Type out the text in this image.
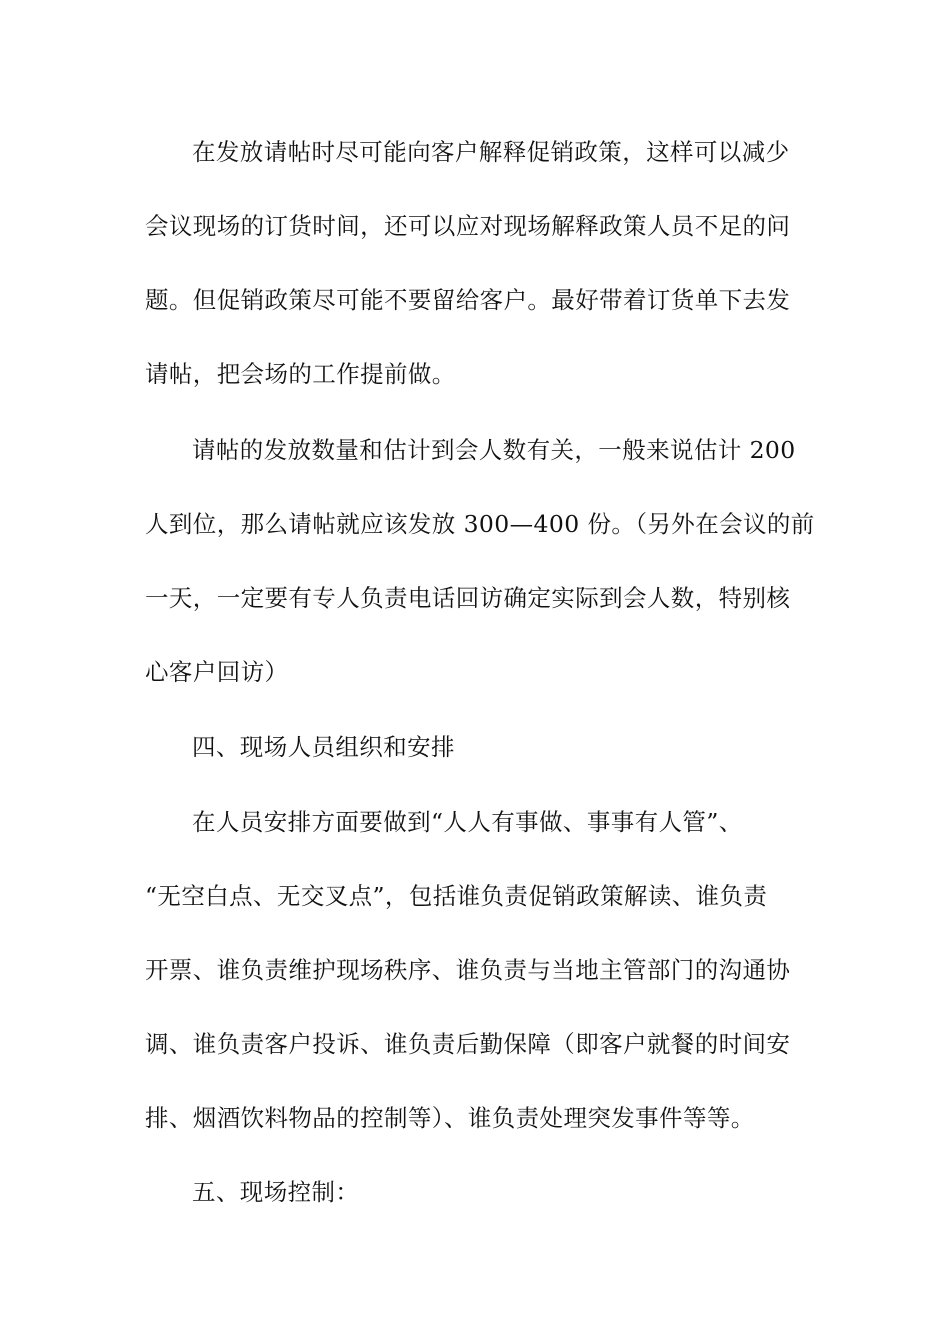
在发放请帖时尽可能向客户解释促销政策，这样可以减少
会议现场的订货时间，还可以应对现场解释政策人员不足的问
题。但促销政策尽可能不要留给客户。最好带着订货单下去发
请帖，把会场的工作提前做。

请帖的发放数量和估计到会人数有关，一般来说估计 200
人到位，那么请帖就应该发放 300—400 份。（另外在会议的前
一天，一定要有专人负责电话回访确定实际到会人数，特别核
心客户回访）

四、现场人员组织和安排

在人员安排方面要做到“人人有事做、事事有人管”、
“无空白点、无交叉点”，包括谁负责促销政策解读、谁负责
开票、谁负责维护现场秩序、谁负责与当地主管部门的沟通协
调、谁负责客户投诉、谁负责后勤保障（即客户就餐的时间安
排、烟酒饮料物品的控制等）、谁负责处理突发事件等等。

五、现场控制：
